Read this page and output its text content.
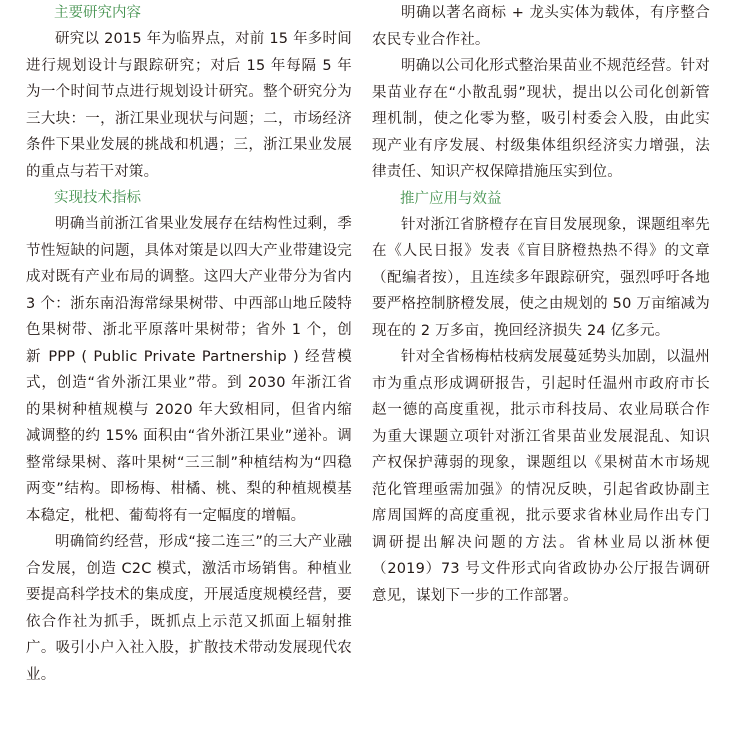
主要研究内容

研究以 2015 年为临界点，对前 15 年多时间进行规划设计与跟踪研究；对后 15 年每隔 5 年为一个时间节点进行规划设计研究。整个研究分为三大块：一，浙江果业现状与问题；二，市场经济条件下果业发展的挑战和机遇；三，浙江果业发展的重点与若干对策。

实现技术指标

明确当前浙江省果业发展存在结构性过剩，季节性短缺的问题，具体对策是以四大产业带建设完成对既有产业布局的调整。这四大产业带分为省内 3 个：浙东南沿海常绿果树带、中西部山地丘陵特色果树带、浙北平原落叶果树带；省外 1 个，创新 PPP ( Public Private Partnership ) 经营模式，创造“省外浙江果业”带。到 2030 年浙江省的果树种植规模与 2020 年大致相同，但省内缩减调整的约 15% 面积由“省外浙江果业”递补。调整常绿果树、落叶果树“三三制”种植结构为“四稳两变”结构。即杨梅、柑橘、桃、梨的种植规模基本稳定，枇杷、葡萄将有一定幅度的增幅。

明确简约经营，形成“接二连三”的三大产业融合发展，创造 C2C 模式，激活市场销售。种植业要提高科学技术的集成度，开展适度规模经营，要依合作社为抓手，既抓点上示范又抓面上辐射推广。吸引小户入社入股，扩散技术带动发展现代农业。

明确以著名商标 + 龙头实体为载体，有序整合农民专业合作社。

明确以公司化形式整治果苗业不规范经营。针对果苗业存在“小散乱弱”现状，提出以公司化创新管理机制，使之化零为整，吸引村委会入股，由此实现产业有序发展、村级集体组织经济实力增强，法律责任、知识产权保障措施压实到位。

推广应用与效益

针对浙江省脐橙存在盲目发展现象，课题组率先在《人民日报》发表《盲目脐橙热热不得》的文章（配编者按），且连续多年跟踪研究，强烈呼吁各地要严格控制脐橙发展，使之由规划的 50 万亩缩减为现在的 2 万多亩，挽回经济损失 24 亿多元。

针对全省杨梅枯枝病发展蔓延势头加剧，以温州市为重点形成调研报告，引起时任温州市政府市长赵一德的高度重视，批示市科技局、农业局联合作为重大课题立项针对浙江省果苗业发展混乱、知识产权保护薄弱的现象，课题组以《果树苗木市场规范化管理亟需加强》的情况反映，引起省政协副主席周国辉的高度重视，批示要求省林业局作出专门调研提出解决问题的方法。省林业局以浙林便（2019）73 号文件形式向省政协办公厅报告调研意见，谋划下一步的工作部署。
